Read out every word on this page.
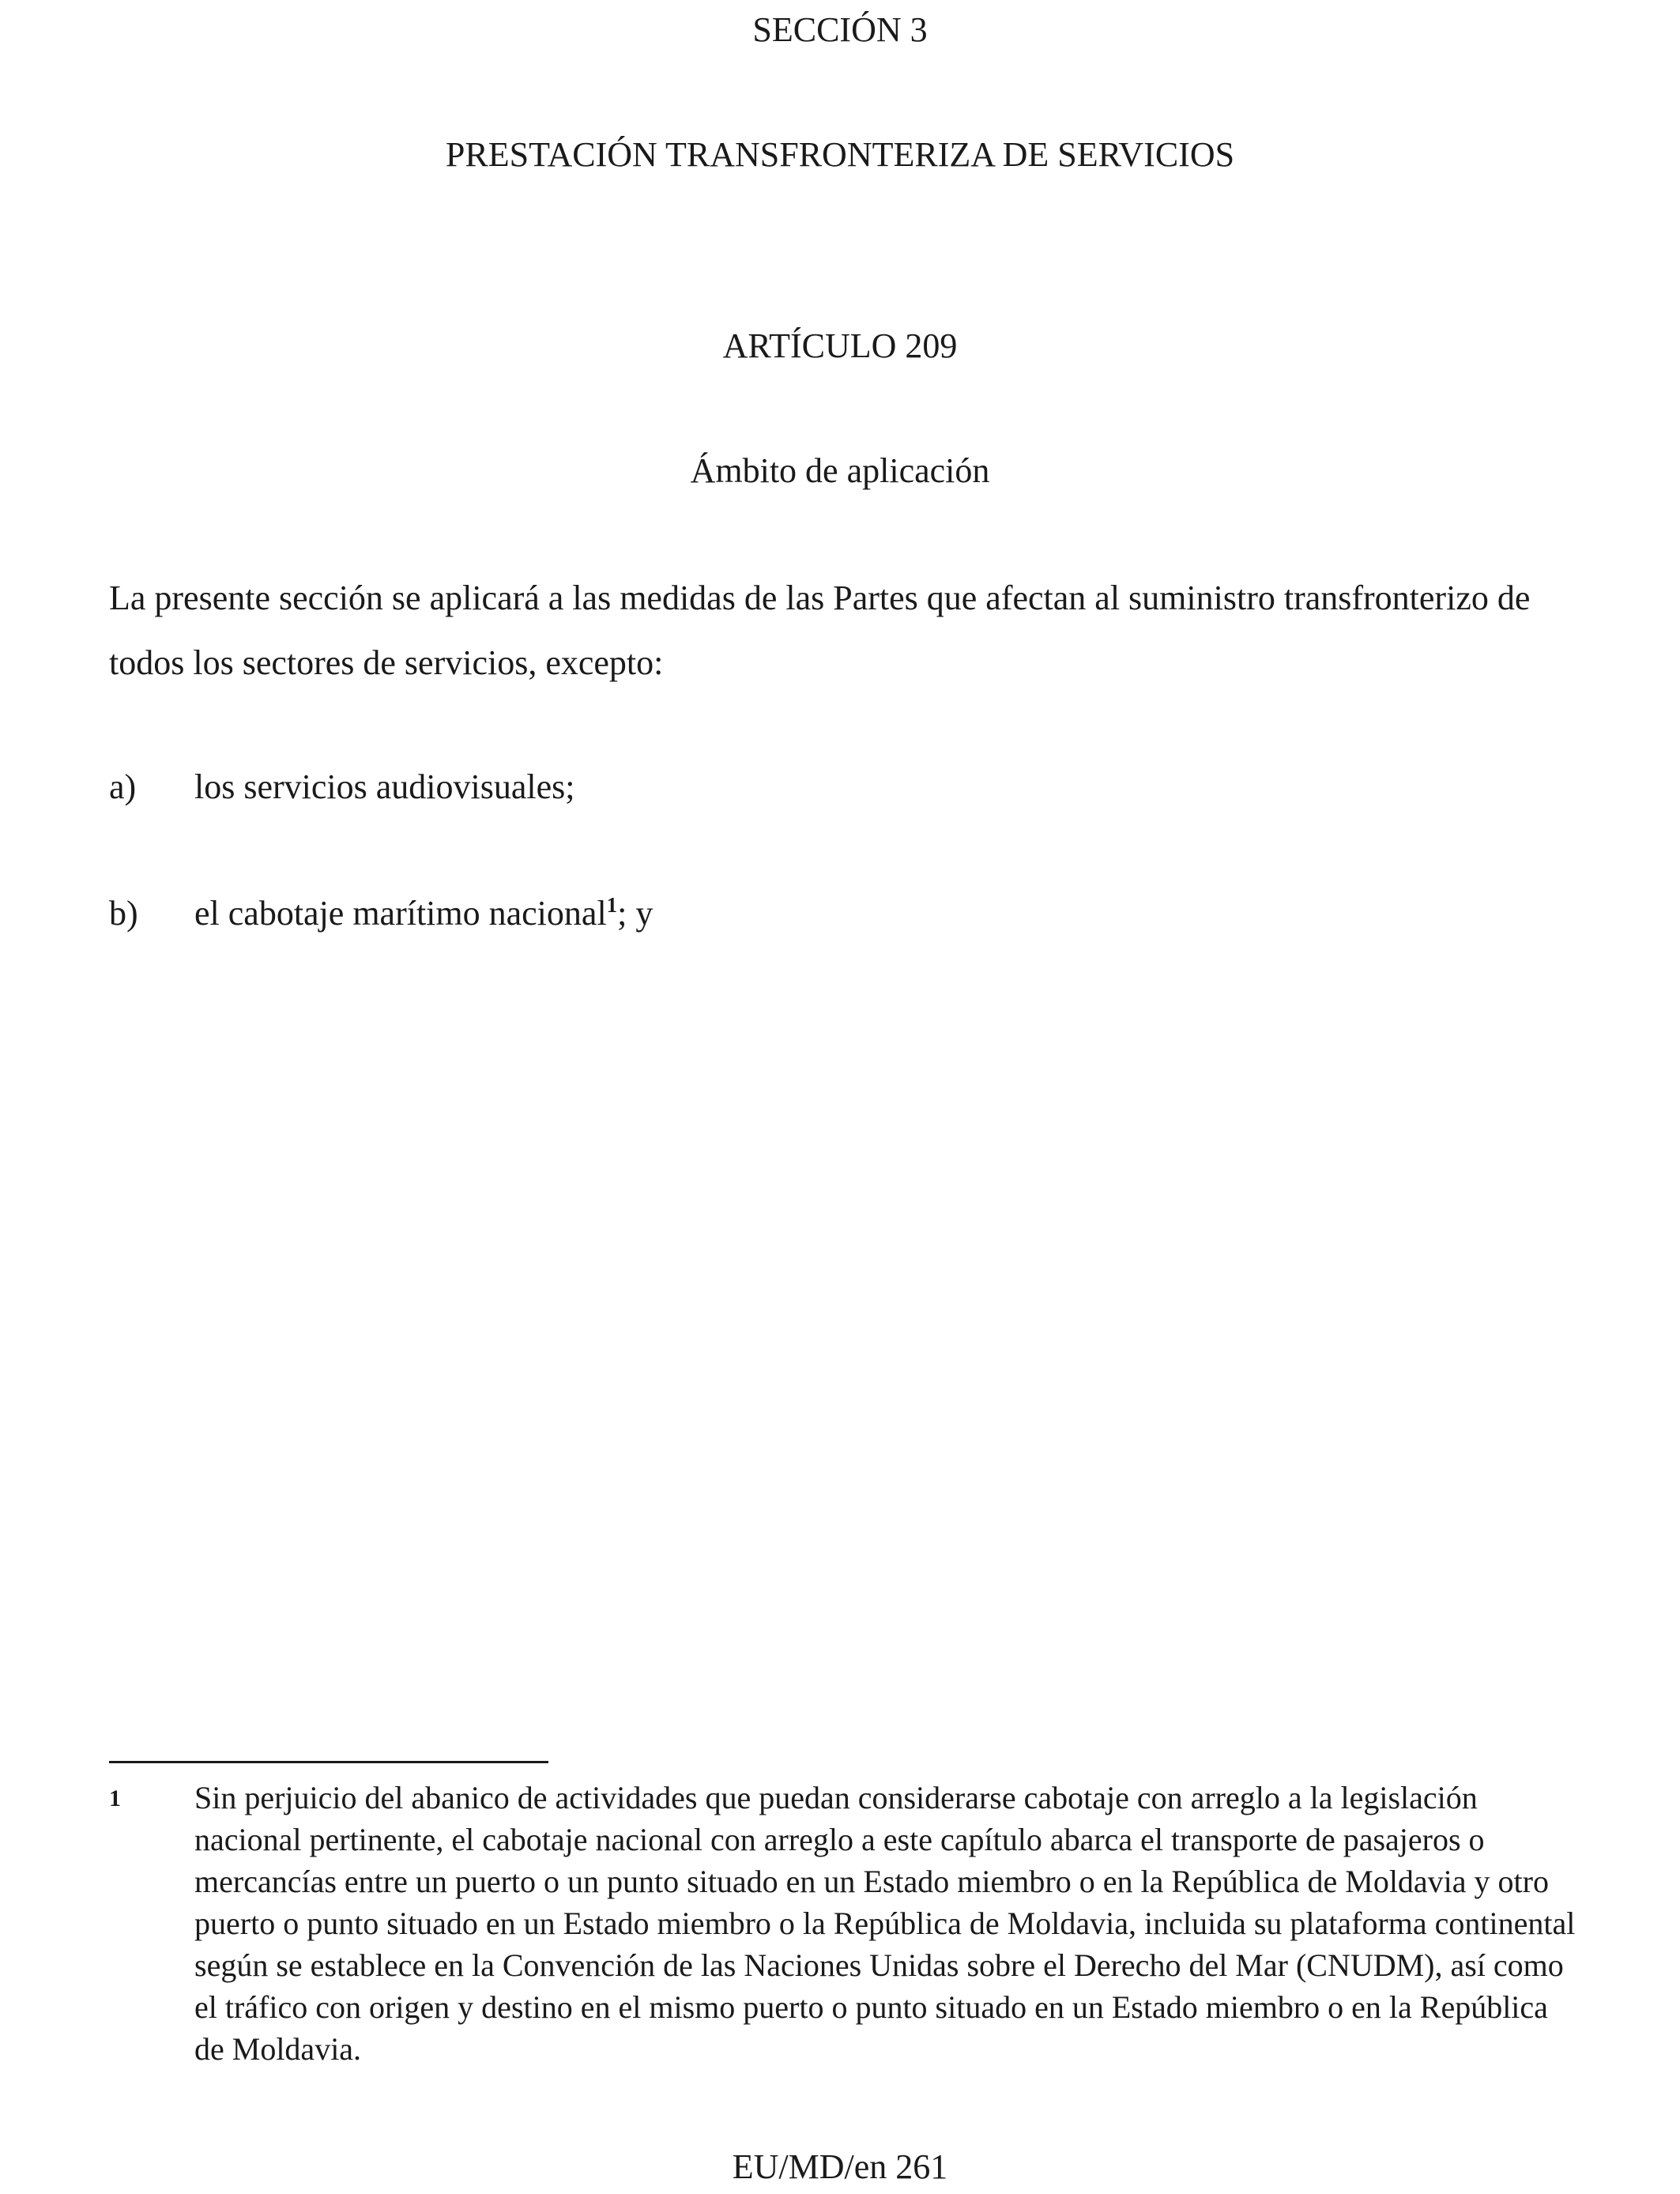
SECCIÓN 3
PRESTACIÓN TRANSFRONTERIZA DE SERVICIOS
ARTÍCULO 209
Ámbito de aplicación

La presente sección se aplicará a las medidas de las Partes que afectan al suministro transfronterizo de todos los sectores de servicios, excepto:

a) los servicios audiovisuales;
b) el cabotaje marítimo nacional$^1$; y
1 Sin perjuicio del abanico de actividades que puedan considerarse cabotaje con arreglo a la legislación nacional pertinente, el cabotaje nacional con arreglo a este capítulo abarca el transporte de pasajeros o mercancías entre un puerto o un punto situado en un Estado miembro o en la República de Moldavia y otro puerto o punto situado en un Estado miembro o la República de Moldavia, incluida su plataforma continental según se establece en la Convención de las Naciones Unidas sobre el Derecho del Mar (CNUDM), así como el tráfico con origen y destino en el mismo puerto o punto situado en un Estado miembro o en la República de Moldavia.

EU/MD/en 261
